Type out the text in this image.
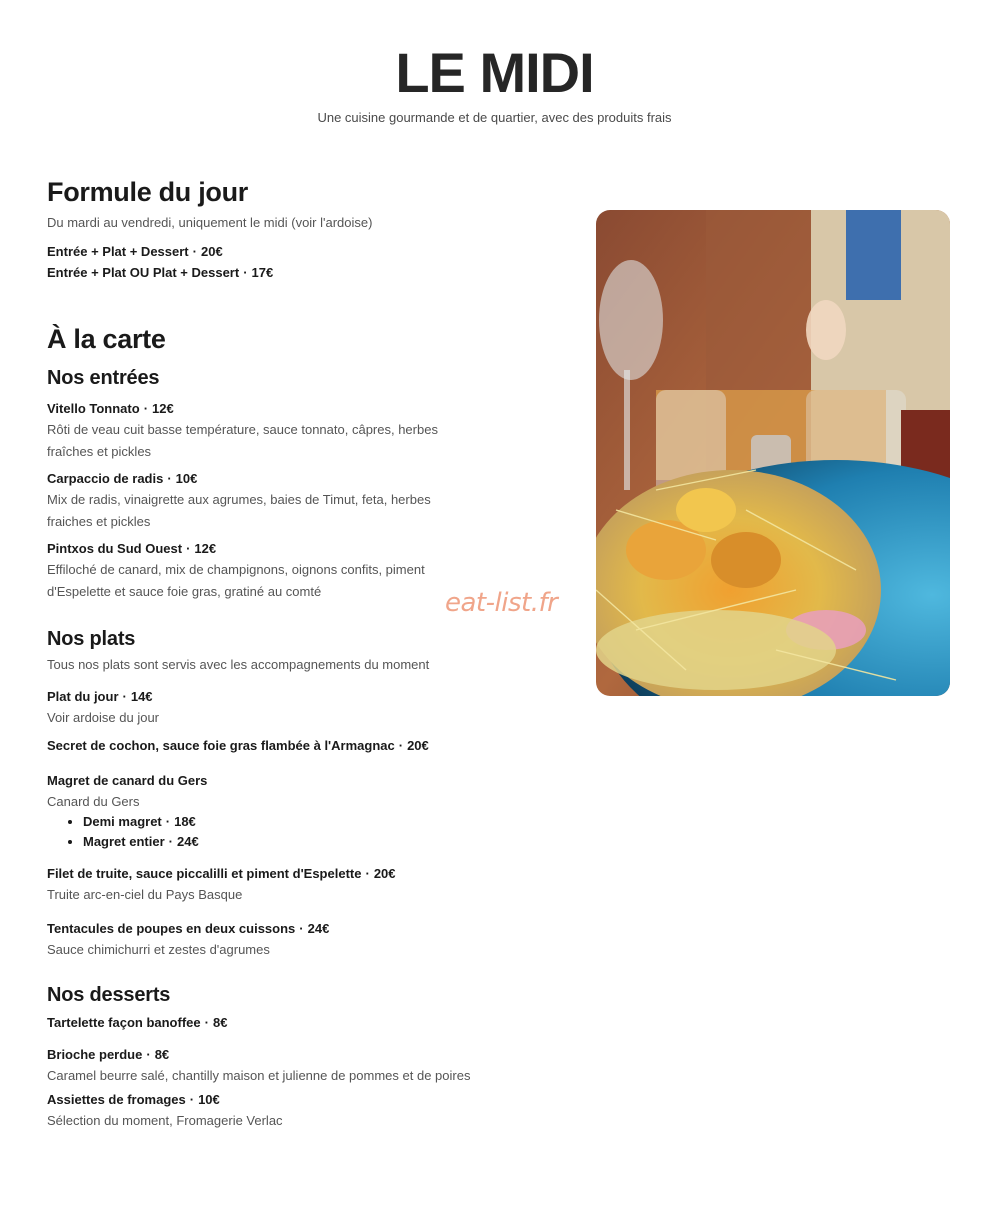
LE MIDI
Une cuisine gourmande et de quartier, avec des produits frais
Formule du jour
Du mardi au vendredi, uniquement le midi (voir l'ardoise)
Entrée + Plat + Dessert · 20€
Entrée + Plat OU Plat + Dessert · 17€
À la carte
Nos entrées
Vitello Tonnato · 12€
Rôti de veau cuit basse température, sauce tonnato, câpres, herbes fraîches et pickles
Carpaccio de radis · 10€
Mix de radis, vinaigrette aux agrumes, baies de Timut, feta, herbes fraiches et pickles
Pintxos du Sud Ouest · 12€
Effiloché de canard, mix de champignons, oignons confits, piment d'Espelette et sauce foie gras, gratiné au comté
Nos plats
Tous nos plats sont servis avec les accompagnements du moment
Plat du jour · 14€
Voir ardoise du jour
Secret de cochon, sauce foie gras flambée à l'Armagnac · 20€
Magret de canard du Gers
Canard du Gers
• Demi magret · 18€
• Magret entier · 24€
Filet de truite, sauce piccalilli et piment d'Espelette · 20€
Truite arc-en-ciel du Pays Basque
Tentacules de poupes en deux cuissons · 24€
Sauce chimichurri et zestes d'agrumes
Nos desserts
Tartelette façon banoffee · 8€
Brioche perdue · 8€
Caramel beurre salé, chantilly maison et julienne de pommes et de poires
Assiettes de fromages · 10€
Sélection du moment, Fromagerie Verlac
eat-list.fr
